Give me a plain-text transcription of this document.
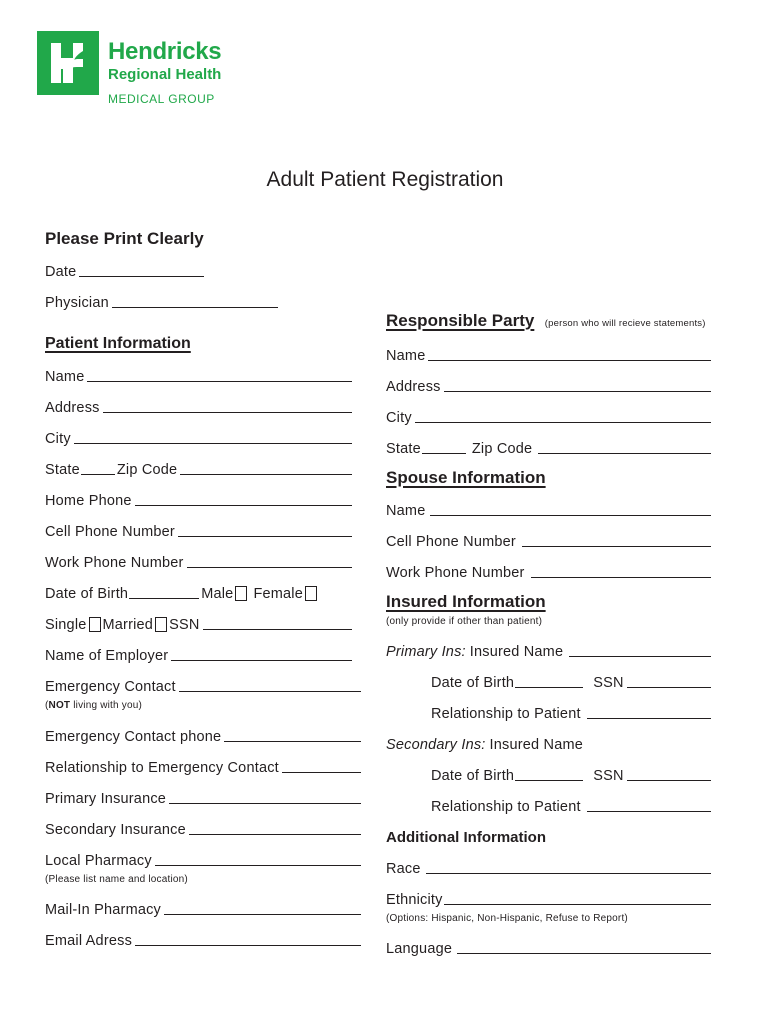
Hendricks
Regional Health
MEDICAL GROUP
Adult Patient Registration
Please Print Clearly
Date
Physician
Patient Information
Name
Address
City
State	Zip Code
Home Phone
Cell Phone Number
Work Phone Number
Date of Birth	Male Female
Single Married SSN
Name of Employer
Emergency Contact
(NOT living with you)
Emergency Contact phone
Relationship to Emergency Contact
Primary Insurance
Secondary Insurance
Local Pharmacy
(Please list name and location)
Mail-In Pharmacy
Email Adress
Responsible Party (person who will recieve statements)
Name
Address
City
State	Zip Code
Spouse Information
Name
Cell Phone Number
Work Phone Number
Insured Information
(only provide if other than patient)
Primary Ins: Insured Name
Date of Birth	SSN
Relationship to Patient
Secondary Ins: Insured Name
Date of Birth	SSN
Relationship to Patient
Additional Information
Race
Ethnicity
(Options: Hispanic, Non-Hispanic, Refuse to Report)
Language
